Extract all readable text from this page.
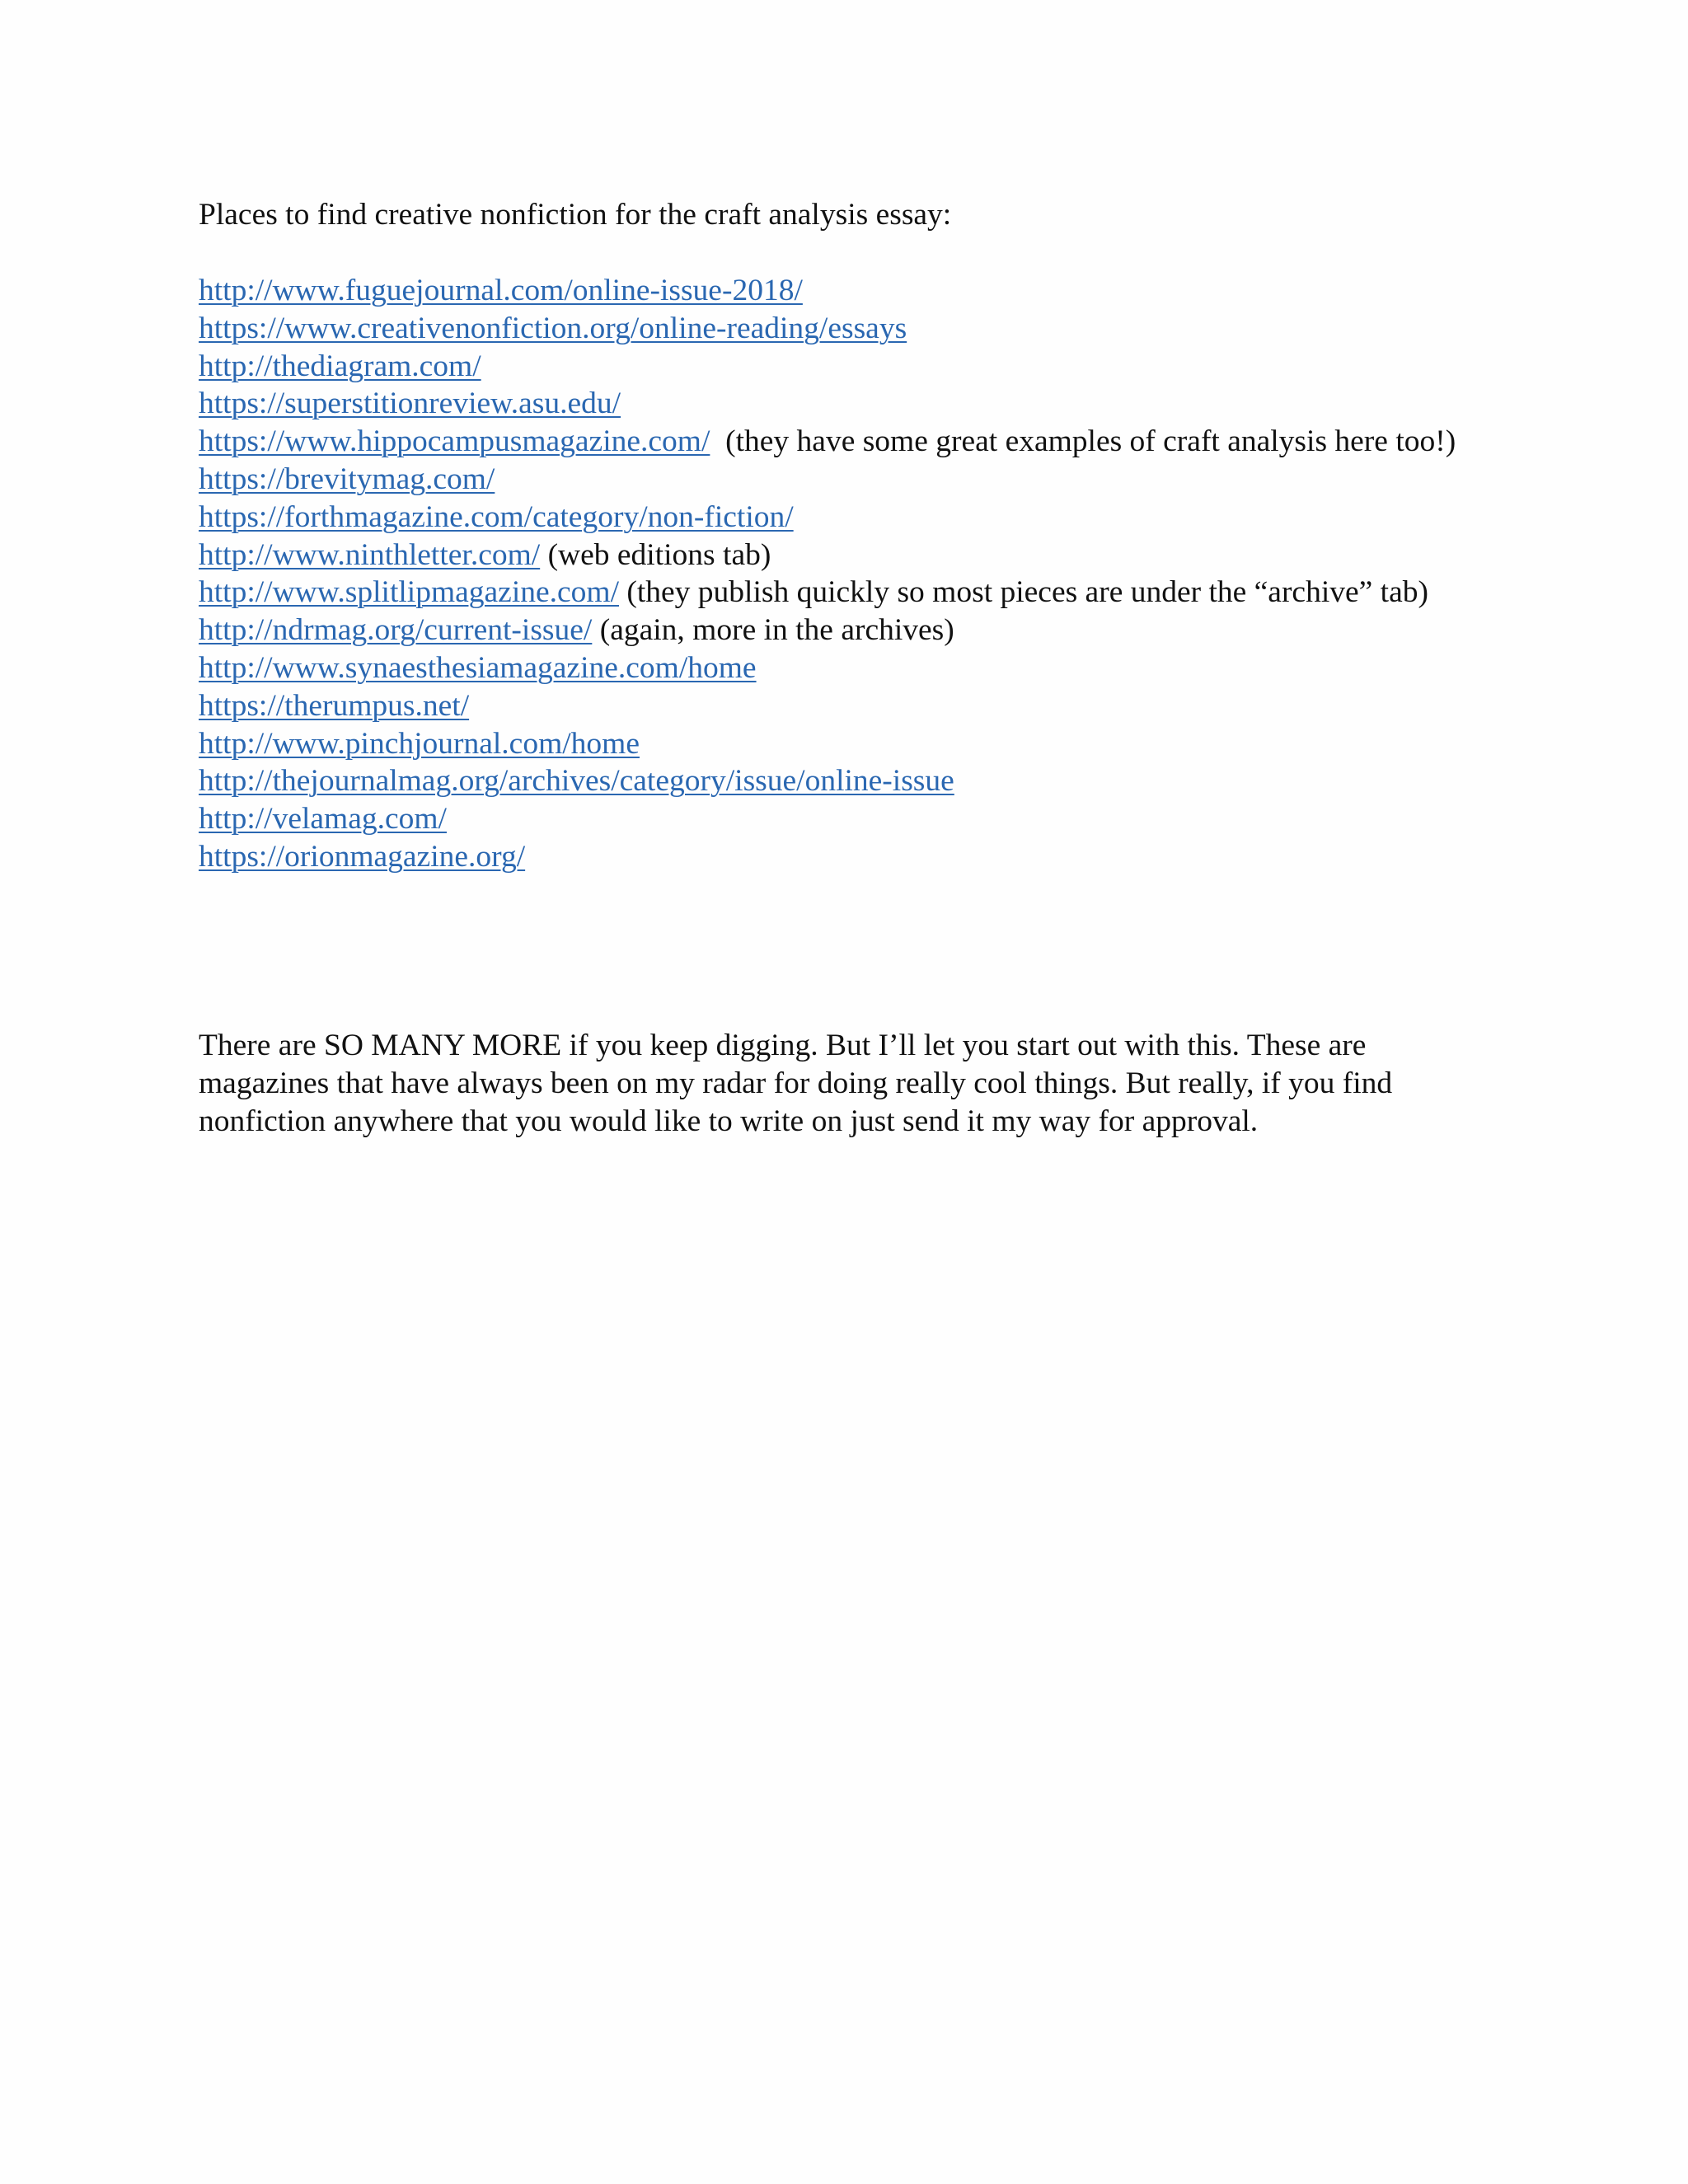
Places to find creative nonfiction for the craft analysis essay:

http://www.fuguejournal.com/online-issue-2018/
https://www.creativenonfiction.org/online-reading/essays
http://thediagram.com/
https://superstitionreview.asu.edu/
https://www.hippocampusmagazine.com/  (they have some great examples of craft analysis here too!)
https://brevitymag.com/
https://forthmagazine.com/category/non-fiction/
http://www.ninthletter.com/ (web editions tab)
http://www.splitlipmagazine.com/ (they publish quickly so most pieces are under the “archive” tab)
http://ndrmag.org/current-issue/ (again, more in the archives)
http://www.synaesthesiamagazine.com/home
https://therumpus.net/
http://www.pinchjournal.com/home
http://thejournalmag.org/archives/category/issue/online-issue
http://velamag.com/
https://orionmagazine.org/

There are SO MANY MORE if you keep digging. But I’ll let you start out with this. These are magazines that have always been on my radar for doing really cool things. But really, if you find nonfiction anywhere that you would like to write on just send it my way for approval.
